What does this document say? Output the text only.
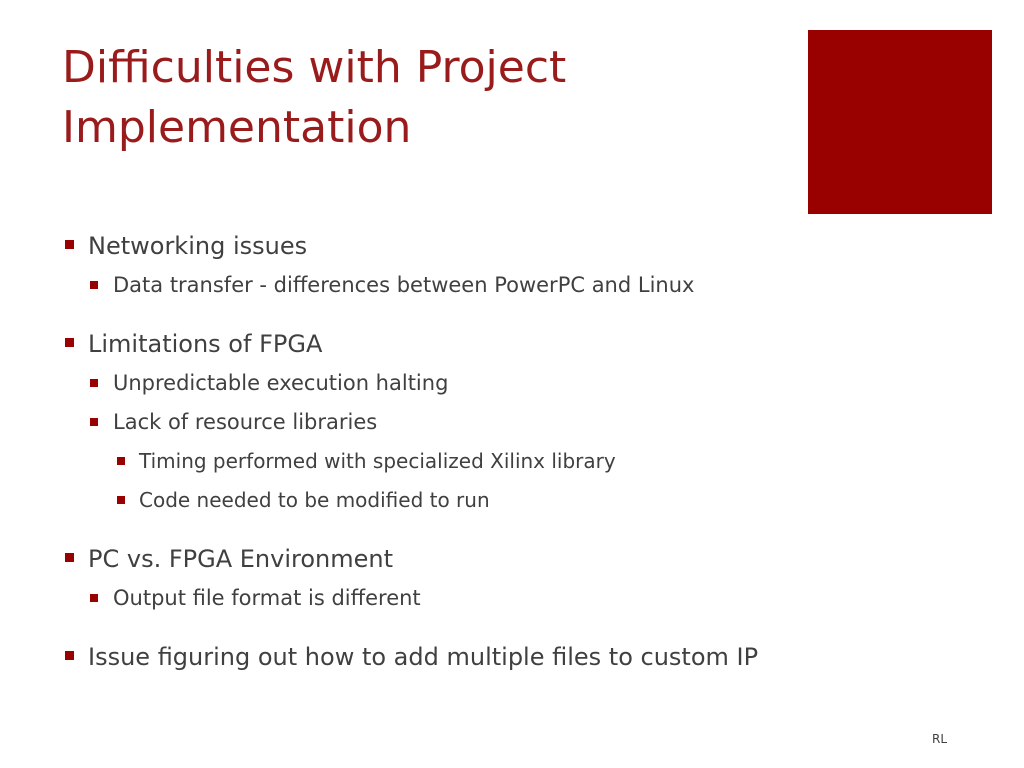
Difficulties with Project
Implementation
Networking issues
Data transfer - differences between PowerPC and Linux
Limitations of FPGA
Unpredictable execution halting
Lack of resource libraries
Timing performed with specialized Xilinx library
Code needed to be modified to run
PC vs. FPGA Environment
Output file format is different
Issue figuring out how to add multiple files to custom IP
RL
